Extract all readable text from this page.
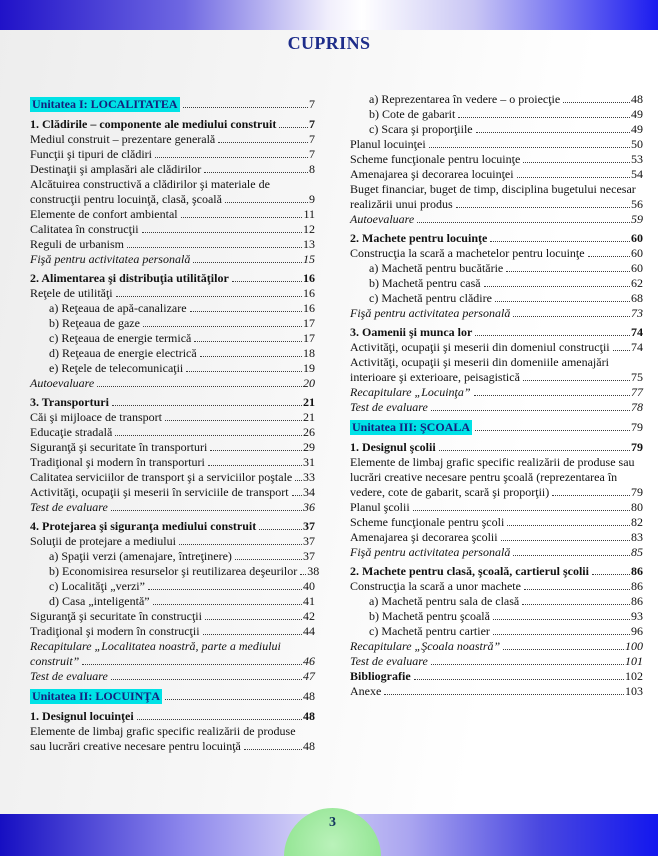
CUPRINS
Unitatea I: LOCALITATEA	7
1. Clădirile – componente ale mediului construit	7
Mediul construit – prezentare generală	7
Funcţii şi tipuri de clădiri	7
Destinaţii şi amplasări ale clădirilor	8
Alcătuirea constructivă a clădirilor şi materiale de
construcţii pentru locuinţă, clasă, şcoală	9
Elemente de confort ambiental	11
Calitatea în construcţii	12
Reguli de urbanism	13
Fişă pentru activitatea personală	15
2. Alimentarea şi distribuţia utilităţilor	16
Reţele de utilităţi	16
a) Reţeaua de apă-canalizare	16
b) Reţeaua de gaze	17
c) Reţeaua de energie termică	17
d) Reţeaua de energie electrică	18
e) Reţele de telecomunicaţii	19
Autoevaluare	20
3. Transporturi	21
Căi şi mijloace de transport	21
Educaţie stradală	26
Siguranţă şi securitate în transporturi	29
Tradiţional şi modern în transporturi	31
Calitatea serviciilor de transport şi a serviciilor poştale 33
Activităţi, ocupaţii şi meserii în serviciile de transport 34
Test de evaluare	36
4. Protejarea şi siguranţa mediului construit	37
Soluţii de protejare a mediului	37
a) Spaţii verzi (amenajare, întreţinere)	37
b) Economisirea resurselor şi reutilizarea deşeurilor 38
c) Localităţi „verzi”	40
d) Casa „inteligentă”	41
Siguranţă şi securitate în construcţii	42
Tradiţional şi modern în construcţii	44
Recapitulare „Localitatea noastră, parte a mediului
construit”	46
Test de evaluare	47
Unitatea II: LOCUINŢA	48
1. Designul locuinţei	48
Elemente de limbaj grafic specific realizării de produse
sau lucrări creative necesare pentru locuinţă	48
a) Reprezentarea în vedere – o proiecţie	48
b) Cote de gabarit	49
c) Scara şi proporţiile	49
Planul locuinţei	50
Scheme funcţionale pentru locuinţe	53
Amenajarea şi decorarea locuinţei	54
Buget financiar, buget de timp, disciplina bugetului necesar
realizării unui produs	56
Autoevaluare	59
2. Machete pentru locuinţe	60
Construcţia la scară a machetelor pentru locuinţe	60
a) Machetă pentru bucătărie	60
b) Machetă pentru casă	62
c) Machetă pentru clădire	68
Fişă pentru activitatea personală	73
3. Oamenii şi munca lor	74
Activităţi, ocupaţii şi meserii din domeniul construcţii 74
Activităţi, ocupaţii şi meserii din domeniile amenajări
interioare şi exterioare, peisagistică	75
Recapitulare „Locuinţa”	77
Test de evaluare	78
Unitatea III: ŞCOALA	79
1. Designul şcolii	79
Elemente de limbaj grafic specific realizării de produse sau
lucrări creative necesare pentru şcoală (reprezentarea în
vedere, cote de gabarit, scară şi proporţii)	79
Planul şcolii	80
Scheme funcţionale pentru şcoli	82
Amenajarea şi decorarea şcolii	83
Fişă pentru activitatea personală	85
2. Machete pentru clasă, şcoală, cartierul şcolii	86
Construcţia la scară a unor machete	86
a) Machetă pentru sala de clasă	86
b) Machetă pentru şcoală	93
c) Machetă pentru cartier	96
Recapitulare „Şcoala noastră”	100
Test de evaluare	101
Bibliografie	102
Anexe	103
3
